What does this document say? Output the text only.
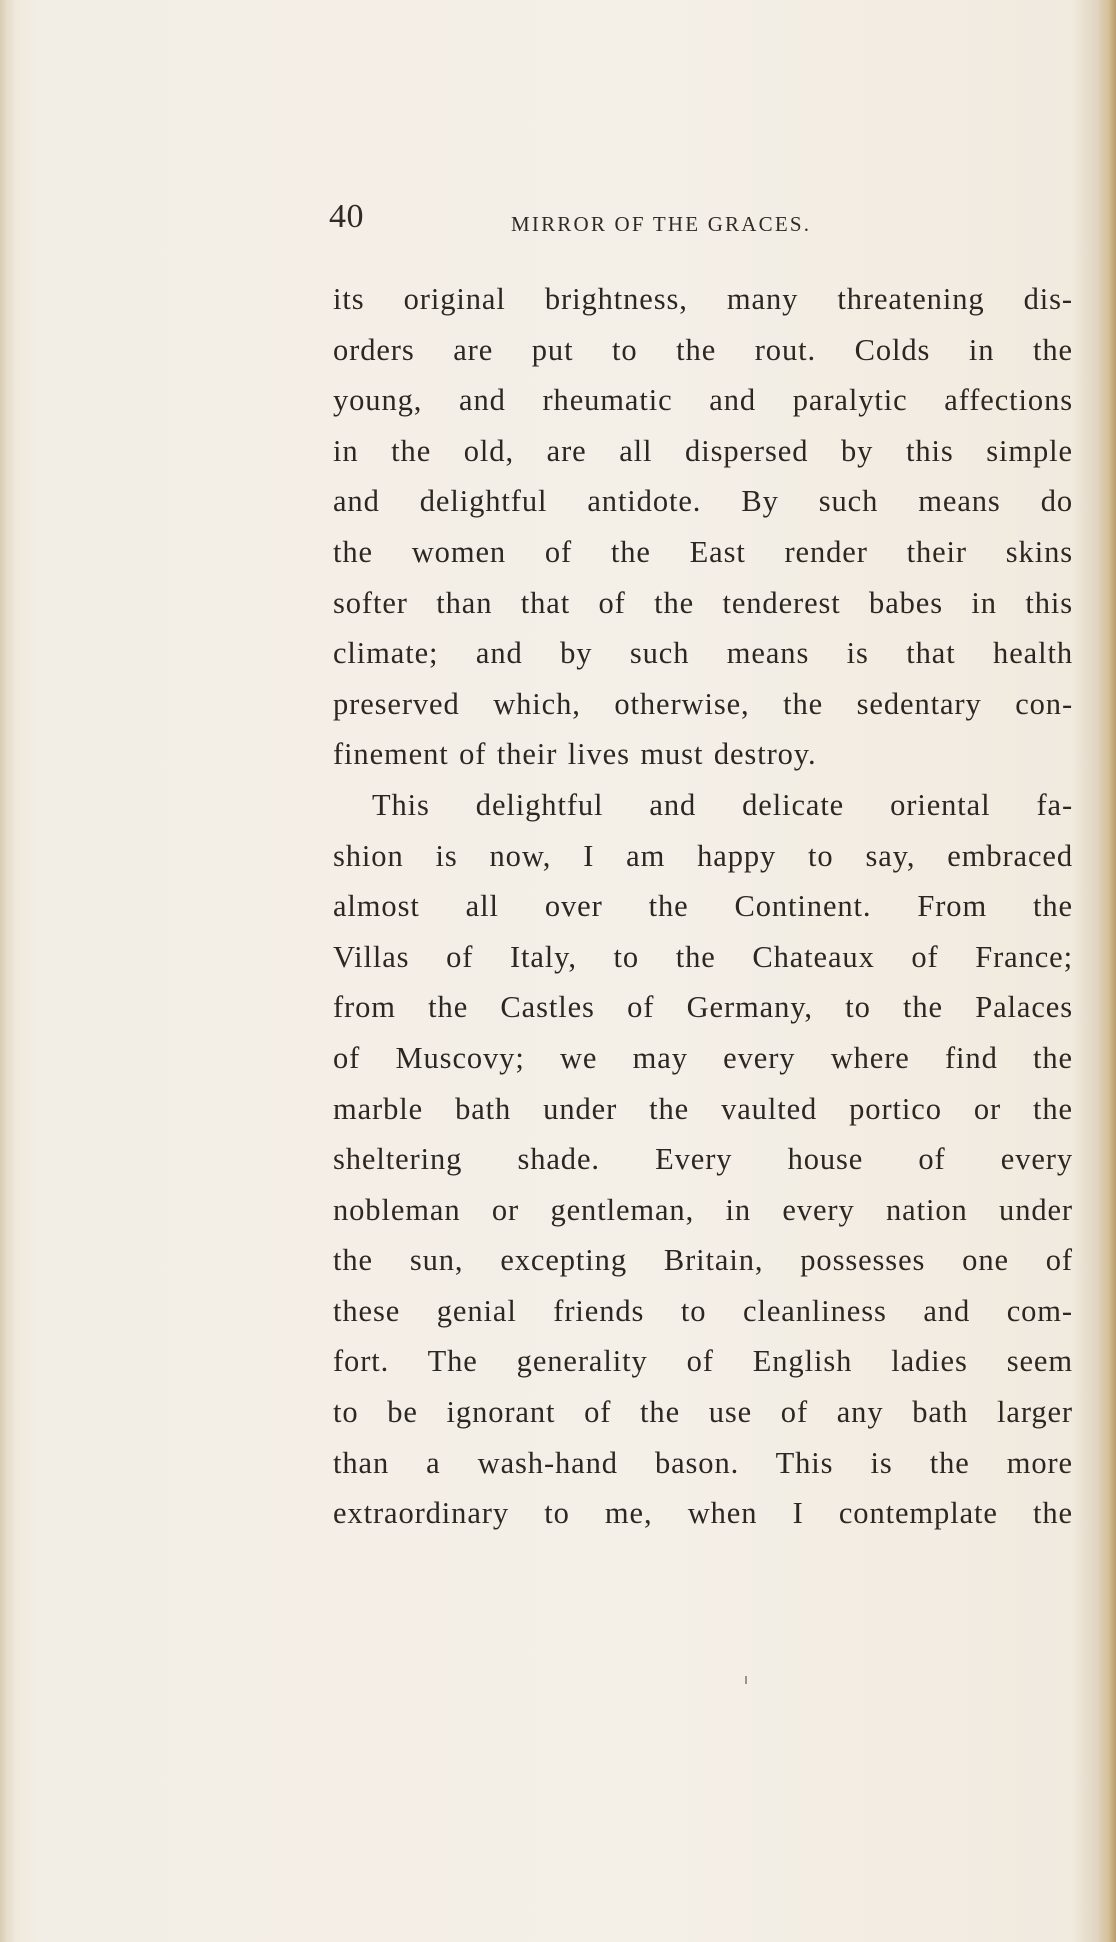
40	MIRROR OF THE GRACES.
its original brightness, many threatening dis-
orders are put to the rout. Colds in the
young, and rheumatic and paralytic affections
in the old, are all dispersed by this simple
and delightful antidote. By such means do
the women of the East render their skins
softer than that of the tenderest babes in this
climate; and by such means is that health
preserved which, otherwise, the sedentary con-
finement of their lives must destroy.
This delightful and delicate oriental fa-
shion is now, I am happy to say, embraced
almost all over the Continent. From the
Villas of Italy, to the Chateaux of France;
from the Castles of Germany, to the Palaces
of Muscovy; we may every where find the
marble bath under the vaulted portico or the
sheltering shade. Every house of every
nobleman or gentleman, in every nation under
the sun, excepting Britain, possesses one of
these genial friends to cleanliness and com-
fort. The generality of English ladies seem
to be ignorant of the use of any bath larger
than a wash-hand bason. This is the more
extraordinary to me, when I contemplate the
